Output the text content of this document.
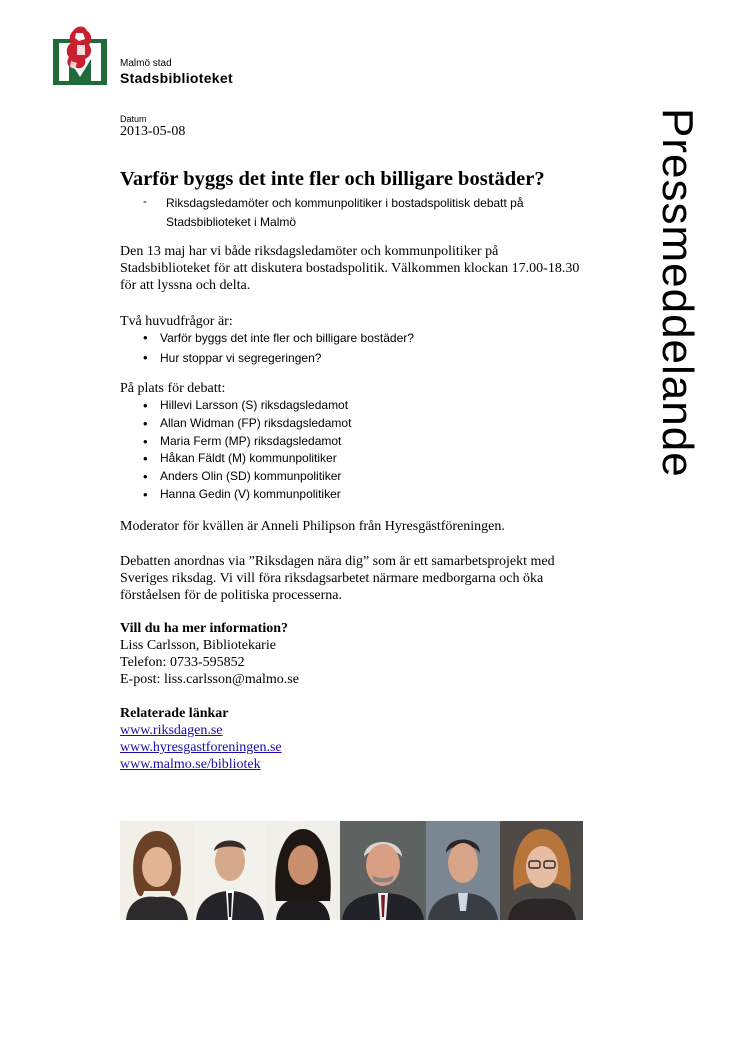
Malmö stad
Stadsbiblioteket
Datum
2013-05-08	Pressmeddelande
Varför byggs det inte fler och billigare bostäder?
- Riksdagsledamöter och kommunpolitiker i bostadspolitisk debatt på Stadsbiblioteket i Malmö
Den 13 maj har vi både riksdagsledamöter och kommunpolitiker på Stadsbiblioteket för att diskutera bostadspolitik. Välkommen klockan 17.00-18.30 för att lyssna och delta.
Två huvudfrågor är:
• Varför byggs det inte fler och billigare bostäder?
• Hur stoppar vi segregeringen?
På plats för debatt:
• Hillevi Larsson (S) riksdagsledamot
• Allan Widman (FP) riksdagsledamot
• Maria Ferm (MP) riksdagsledamot
• Håkan Fäldt (M) kommunpolitiker
• Anders Olin (SD) kommunpolitiker
• Hanna Gedin (V) kommunpolitiker
Moderator för kvällen är Anneli Philipson från Hyresgästföreningen.
Debatten anordnas via ”Riksdagen nära dig” som är ett samarbetsprojekt med Sveriges riksdag. Vi vill föra riksdagsarbetet närmare medborgarna och öka förståelsen för de politiska processerna.
Vill du ha mer information?
Liss Carlsson, Bibliotekarie
Telefon: 0733-595852
E-post: liss.carlsson@malmo.se
Relaterade länkar
www.riksdagen.se
www.hyresgastforeningen.se
www.malmo.se/bibliotek
